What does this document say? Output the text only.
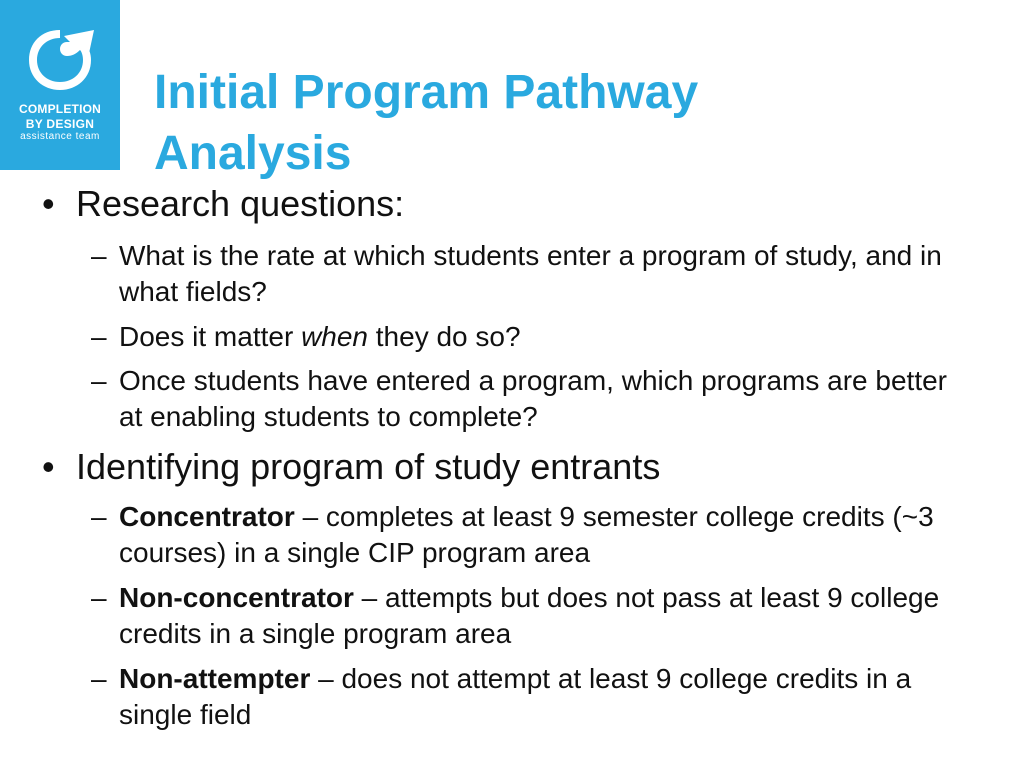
COMPLETION
BY DESIGN
assistance team
Initial Program Pathway
Analysis
• Research questions:
– What is the rate at which students enter a program of study, and in what fields?
– Does it matter when they do so?
– Once students have entered a program, which programs are better at enabling students to complete?
• Identifying program of study entrants
– Concentrator – completes at least 9 semester college credits (~3 courses) in a single CIP program area
– Non-concentrator – attempts but does not pass at least 9 college credits in a single program area
– Non-attempter – does not attempt at least 9 college credits in a single field
